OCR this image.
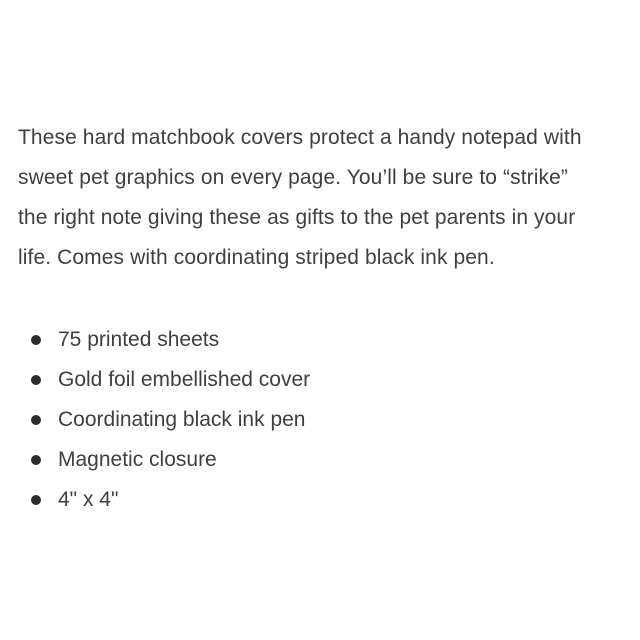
These hard matchbook covers protect a handy notepad with
sweet pet graphics on every page. You’ll be sure to “strike”
the right note giving these as gifts to the pet parents in your
life. Comes with coordinating striped black ink pen.

75 printed sheets
Gold foil embellished cover
Coordinating black ink pen
Magnetic closure
4" x 4"
